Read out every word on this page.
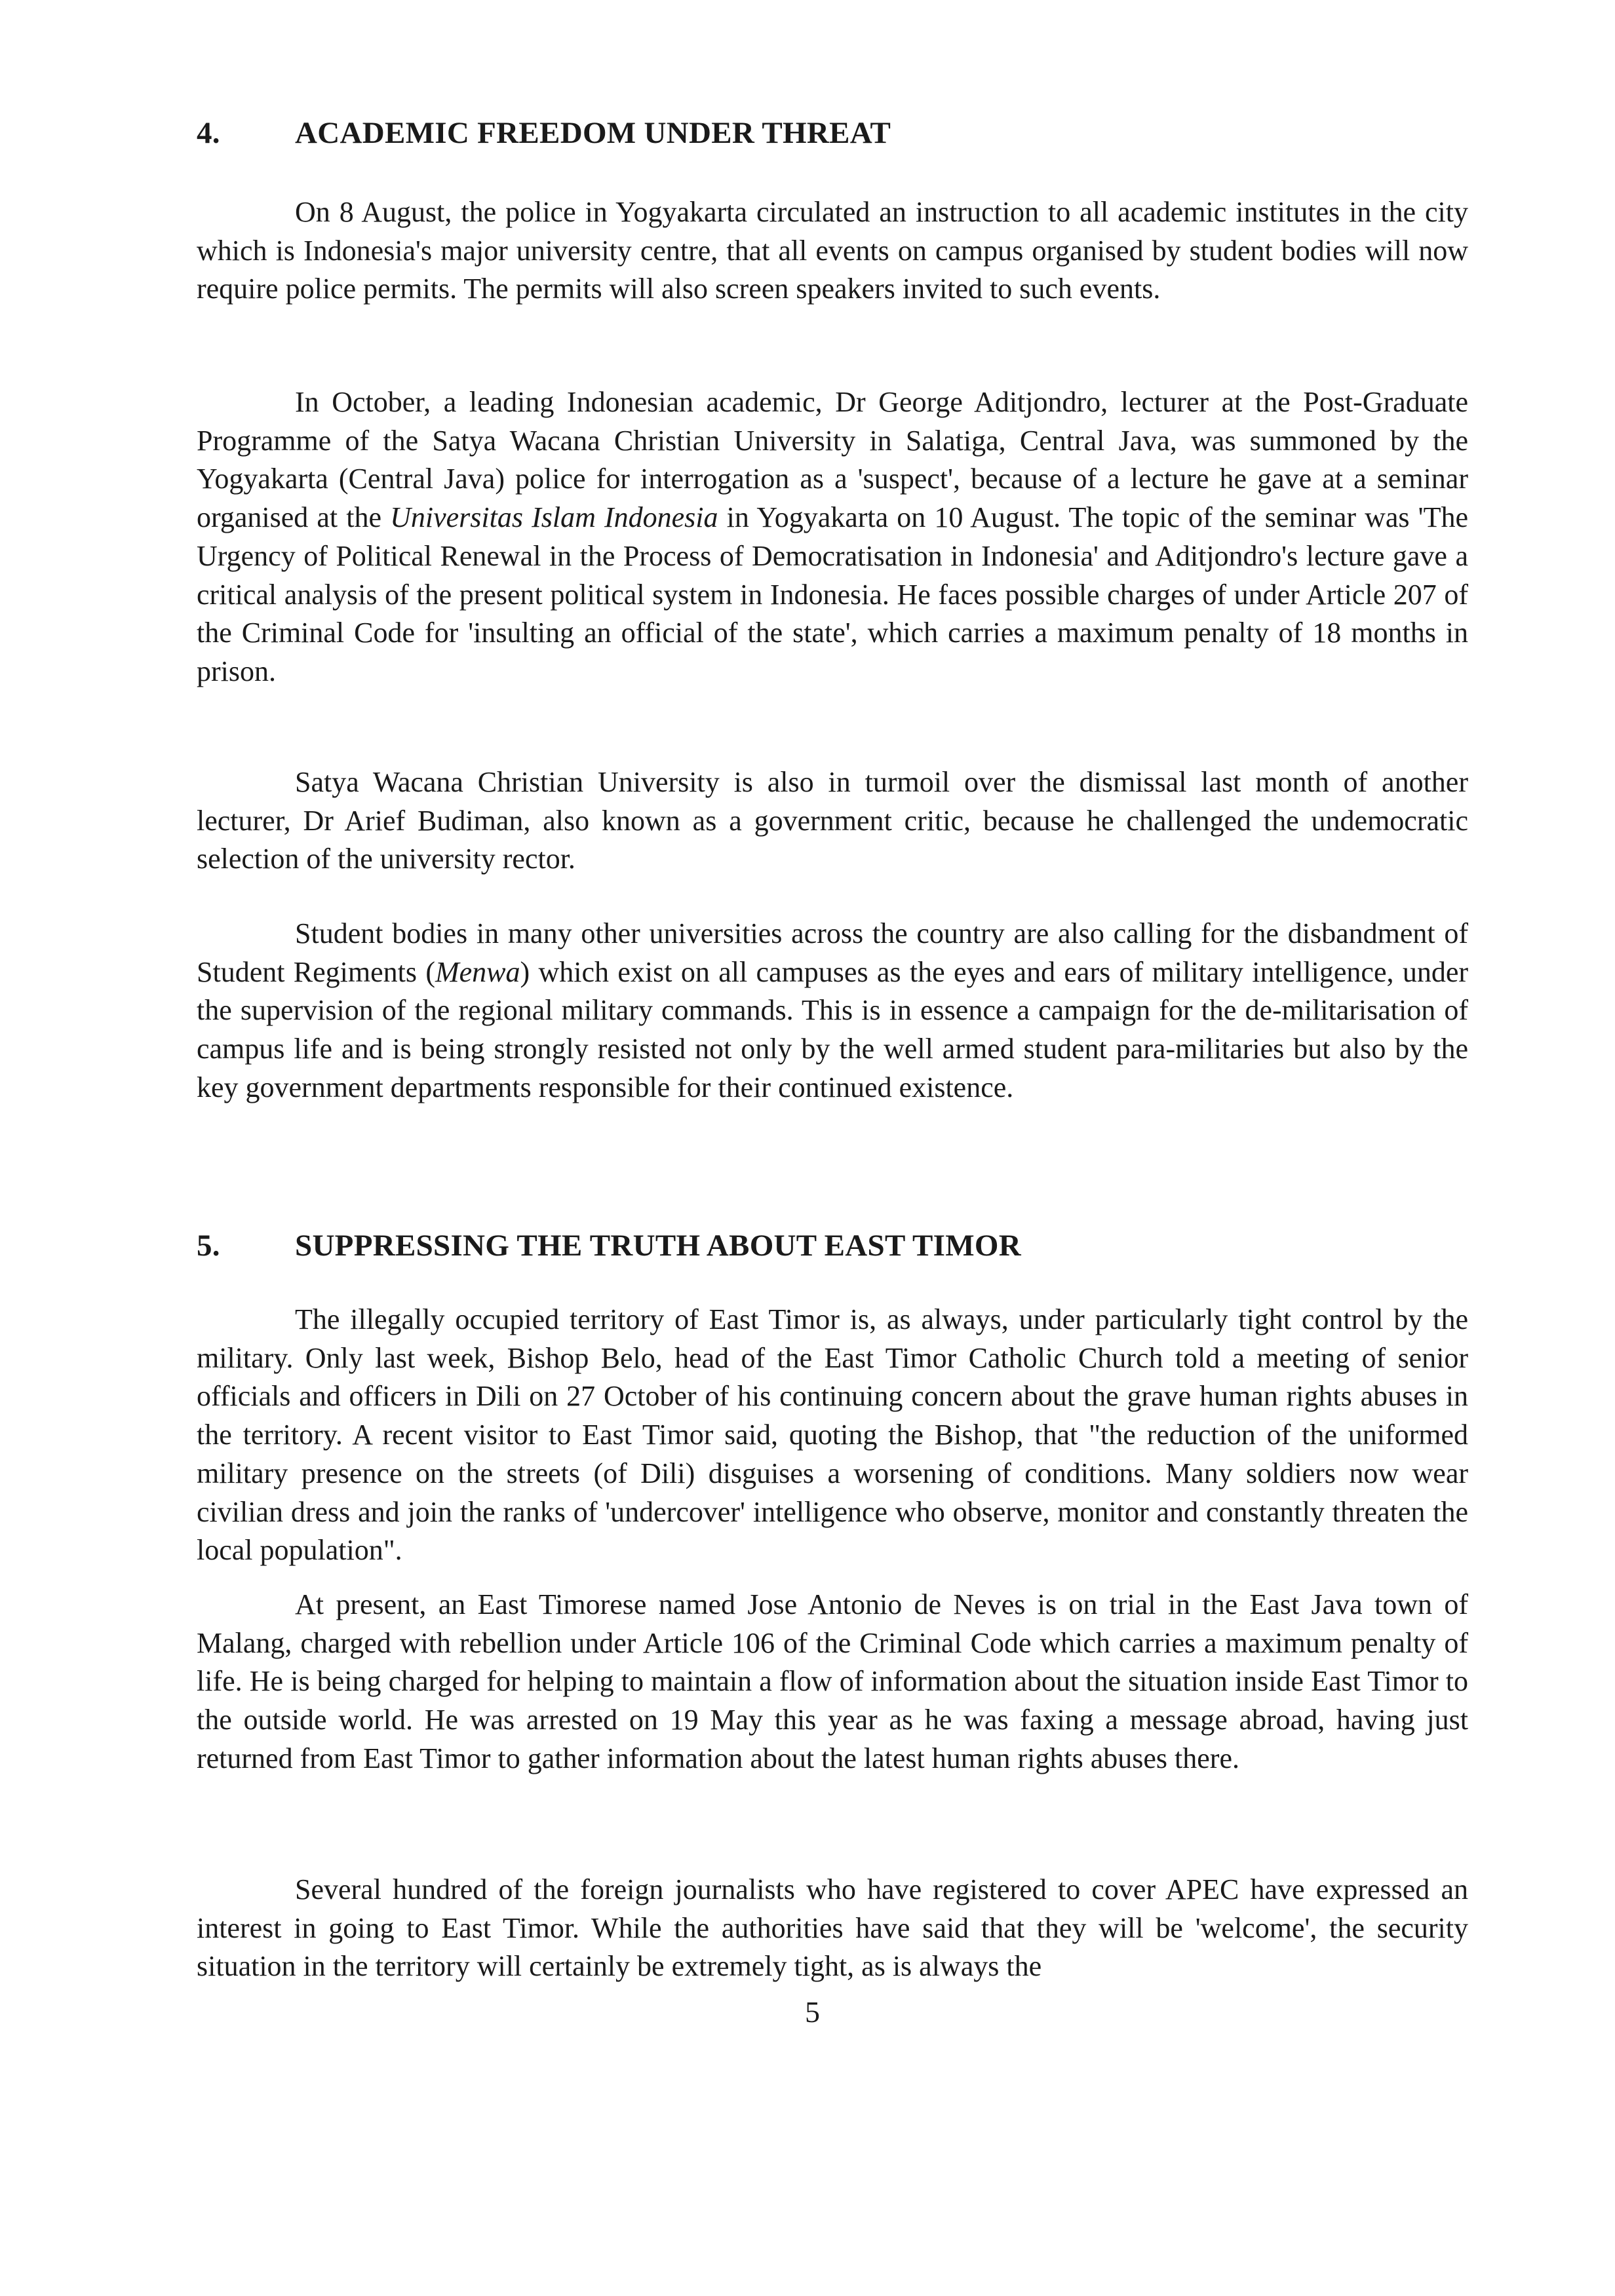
4. ACADEMIC FREEDOM UNDER THREAT

On 8 August, the police in Yogyakarta circulated an instruction to all academic institutes in the city which is Indonesia's major university centre, that all events on campus organised by student bodies will now require police permits. The permits will also screen speakers invited to such events.

In October, a leading Indonesian academic, Dr George Aditjondro, lecturer at the Post-Graduate Programme of the Satya Wacana Christian University in Salatiga, Central Java, was summoned by the Yogyakarta (Central Java) police for interrogation as a 'suspect', because of a lecture he gave at a seminar organised at the Universitas Islam Indonesia in Yogyakarta on 10 August. The topic of the seminar was 'The Urgency of Political Renewal in the Process of Democratisation in Indonesia' and Aditjondro's lecture gave a critical analysis of the present political system in Indonesia. He faces possible charges of under Article 207 of the Criminal Code for 'insulting an official of the state', which carries a maximum penalty of 18 months in prison.

Satya Wacana Christian University is also in turmoil over the dismissal last month of another lecturer, Dr Arief Budiman, also known as a government critic, because he challenged the undemocratic selection of the university rector.

Student bodies in many other universities across the country are also calling for the disbandment of Student Regiments (Menwa) which exist on all campuses as the eyes and ears of military intelligence, under the supervision of the regional military commands. This is in essence a campaign for the de-militarisation of campus life and is being strongly resisted not only by the well armed student para-militaries but also by the key government departments responsible for their continued existence.

5. SUPPRESSING THE TRUTH ABOUT EAST TIMOR

The illegally occupied territory of East Timor is, as always, under particularly tight control by the military. Only last week, Bishop Belo, head of the East Timor Catholic Church told a meeting of senior officials and officers in Dili on 27 October of his continuing concern about the grave human rights abuses in the territory. A recent visitor to East Timor said, quoting the Bishop, that "the reduction of the uniformed military presence on the streets (of Dili) disguises a worsening of conditions. Many soldiers now wear civilian dress and join the ranks of 'undercover' intelligence who observe, monitor and constantly threaten the local population".

At present, an East Timorese named Jose Antonio de Neves is on trial in the East Java town of Malang, charged with rebellion under Article 106 of the Criminal Code which carries a maximum penalty of life. He is being charged for helping to maintain a flow of information about the situation inside East Timor to the outside world. He was arrested on 19 May this year as he was faxing a message abroad, having just returned from East Timor to gather information about the latest human rights abuses there.

Several hundred of the foreign journalists who have registered to cover APEC have expressed an interest in going to East Timor. While the authorities have said that they will be 'welcome', the security situation in the territory will certainly be extremely tight, as is always the

5
